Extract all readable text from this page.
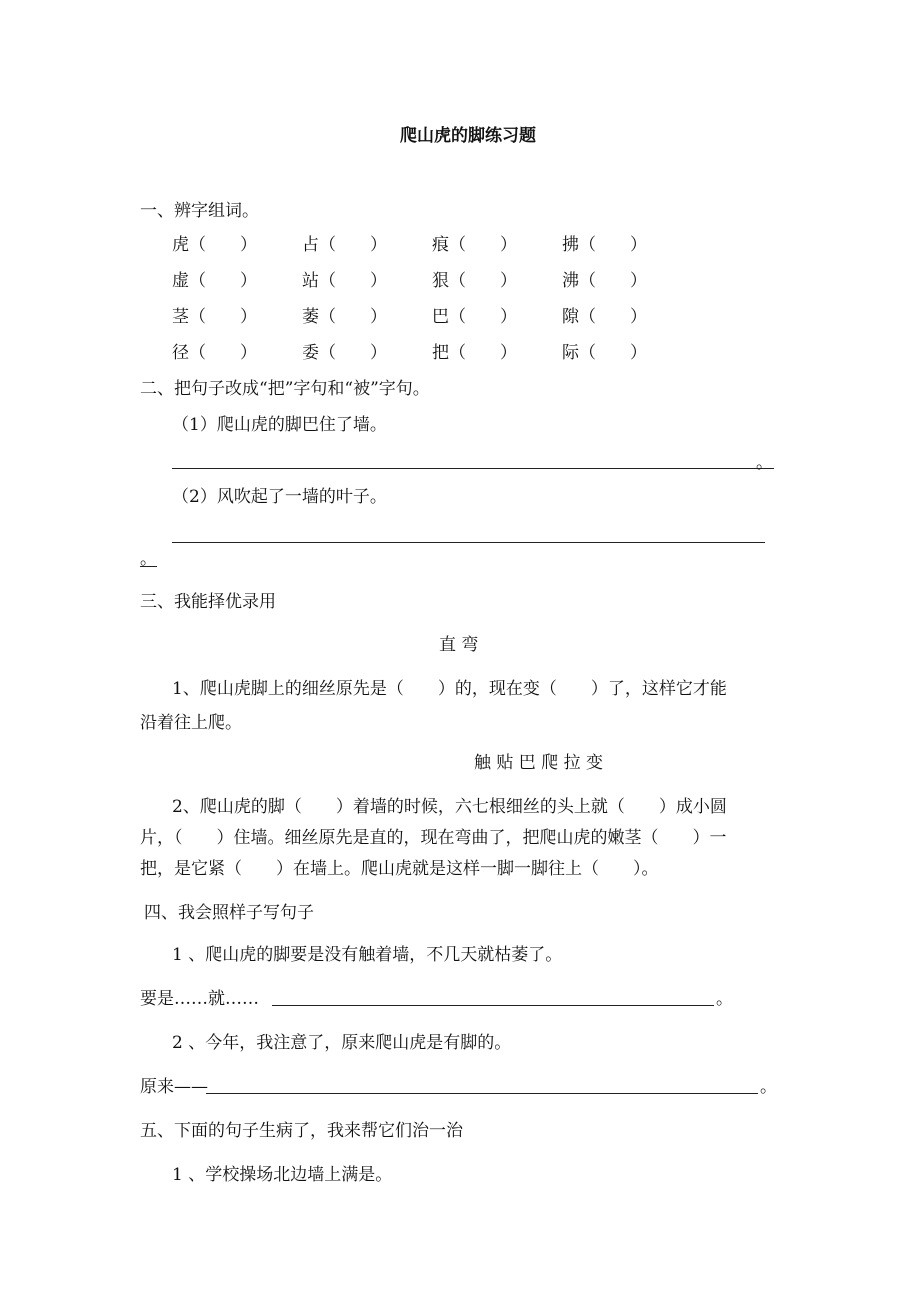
爬山虎的脚练习题
一、辨字组词。
虎（　　）	占（　　）	痕（　　）	拂（　　）
虚（　　）	站（　　）	狠（　　）	沸（　　）
茎（　　）	萎（　　）	巴（　　）	隙（　　）
径（　　）	委（　　）	把（　　）	际（　　）
二、把句子改成“把”字句和“被”字句。
（1）爬山虎的脚巴住了墙。
。
（2）风吹起了一墙的叶子。
。
三、我能择优录用
直 弯
1、爬山虎脚上的细丝原先是（　　）的，现在变（　　）了，这样它才能
沿着往上爬。
触 贴 巴 爬 拉 变
2、爬山虎的脚（　　）着墙的时候，六七根细丝的头上就（　　）成小圆
片，（　　）住墙。细丝原先是直的，现在弯曲了，把爬山虎的嫩茎（　　）一
把，是它紧（　　）在墙上。爬山虎就是这样一脚一脚往上（　　）。
四、我会照样子写句子
1 、爬山虎的脚要是没有触着墙，不几天就枯萎了。
要是……就……	。
2 、今年，我注意了，原来爬山虎是有脚的。
原来——	。
五、下面的句子生病了，我来帮它们治一治
1 、学校操场北边墙上满是。
